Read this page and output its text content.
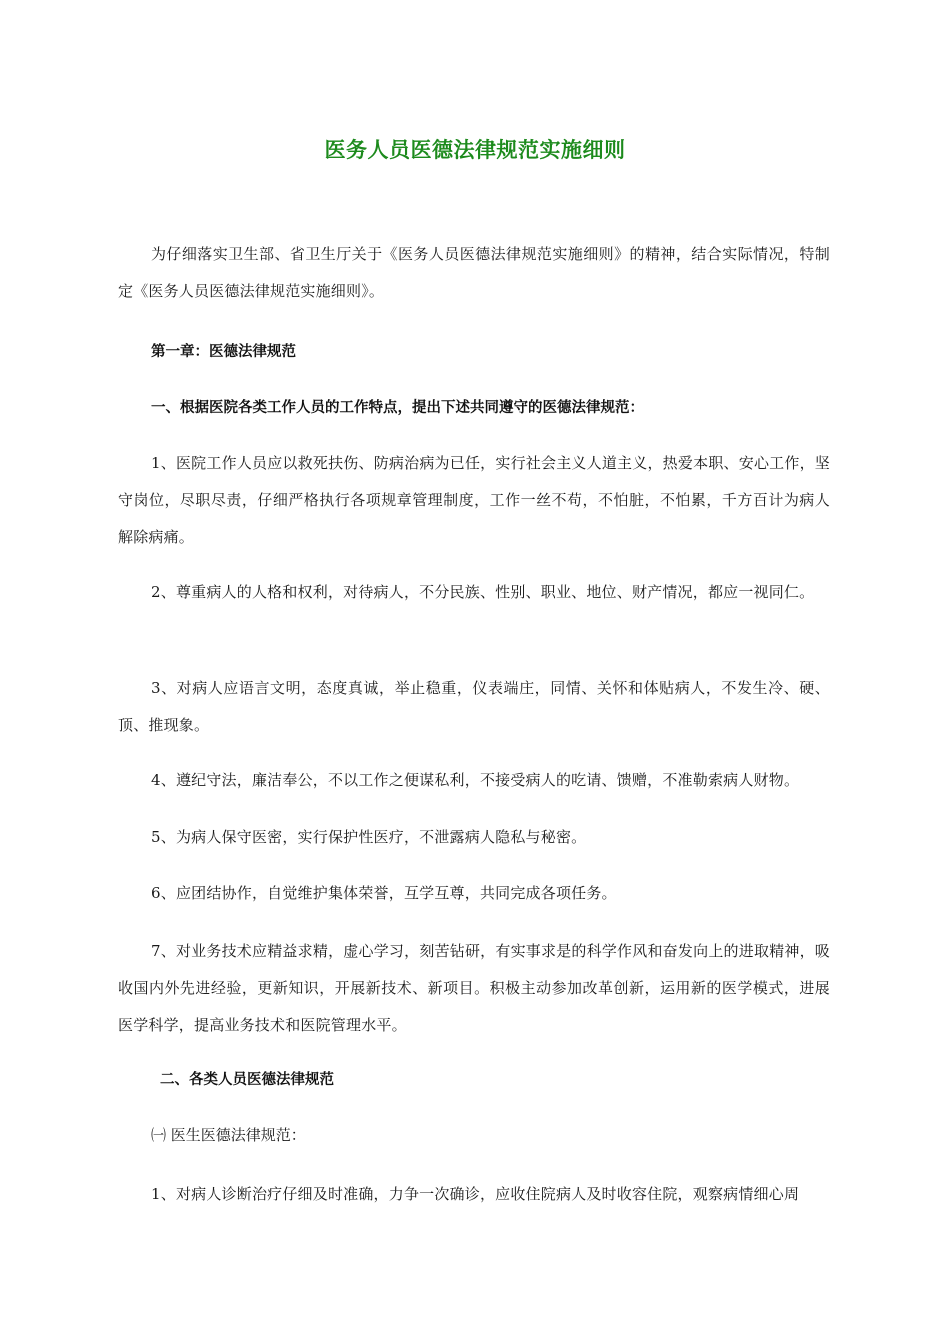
医务人员医德法律规范实施细则

为仔细落实卫生部、省卫生厅关于《医务人员医德法律规范实施细则》的精神，结合实际情况，特制定《医务人员医德法律规范实施细则》。

第一章：医德法律规范

一、根据医院各类工作人员的工作特点，提出下述共同遵守的医德法律规范：

1、医院工作人员应以救死扶伤、防病治病为已任，实行社会主义人道主义，热爱本职、安心工作，坚守岗位，尽职尽责，仔细严格执行各项规章管理制度，工作一丝不苟，不怕脏，不怕累，千方百计为病人解除病痛。

2、尊重病人的人格和权利，对待病人，不分民族、性别、职业、地位、财产情况，都应一视同仁。

3、对病人应语言文明，态度真诚，举止稳重，仪表端庄，同情、关怀和体贴病人，不发生冷、硬、顶、推现象。

4、遵纪守法，廉洁奉公，不以工作之便谋私利，不接受病人的吃请、馈赠，不准勒索病人财物。

5、为病人保守医密，实行保护性医疗，不泄露病人隐私与秘密。

6、应团结协作，自觉维护集体荣誉，互学互尊，共同完成各项任务。

7、对业务技术应精益求精，虚心学习，刻苦钻研，有实事求是的科学作风和奋发向上的进取精神，吸收国内外先进经验，更新知识，开展新技术、新项目。积极主动参加改革创新，运用新的医学模式，进展医学科学，提高业务技术和医院管理水平。

二、各类人员医德法律规范

㈠ 医生医德法律规范：

1、对病人诊断治疗仔细及时准确，力争一次确诊，应收住院病人及时收容住院，观察病情细心周
